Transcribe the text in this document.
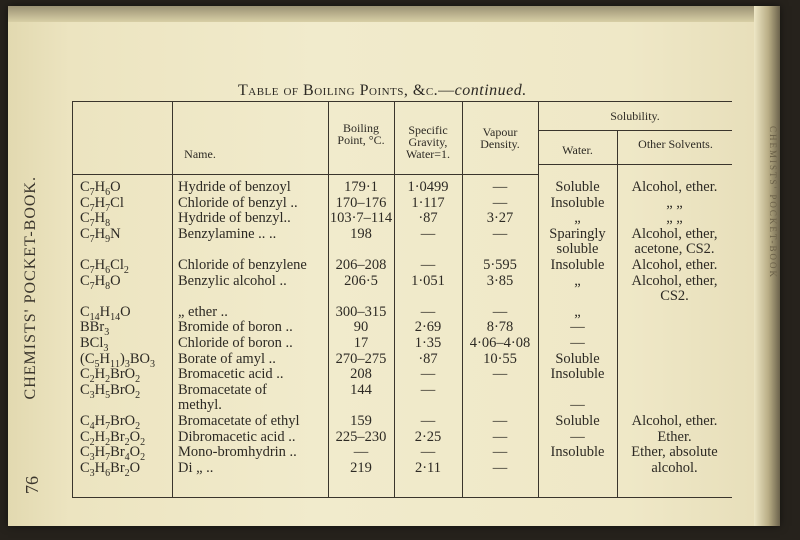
CHEMISTS' POCKET-BOOK
CHEMISTS' POCKET-BOOK.
76
Table of Boiling Points, &c.—continued.
Name.
Boiling Point, °C.
Specific Gravity, Water=1.
Vapour Density.
Solubility.
Water.	Other Solvents.
$C_7H_6O$
$C_7H_7Cl$
$C_7H_8$
$C_7H_9N$

$C_7H_6Cl_2$
$C_7H_8O$

$C_{14}H_{14}O$
BBr$_3$
BCl$_3$
$(C_5H_{11})_3BO_3$
$C_2H_2BrO_2$
$C_3H_5BrO_2$

$C_4H_7BrO_2$
$C_2H_2Br_2O_2$
$C_3H_7Br_4O_2$
$C_3H_6Br_2O$
Hydride of benzoyl
Chloride of benzyl ..
Hydride of benzyl..
Benzylamine .. ..

Chloride of benzylene
Benzylic alcohol ..

„ ether ..
Bromide of boron ..
Chloride of boron ..
Borate of amyl ..
Bromacetic acid ..
Bromacetate of
methyl.
Bromacetate of ethyl
Dibromacetic acid ..
Mono-bromhydrin ..
Di „ ..
179·1
170–176
103·7–114
198

206–208
206·5

300–315
90
17
270–275
208
144

159
225–230
—
219
1·0499
1·117
·87
—

—
1·051

—
2·69
1·35
·87
—
—

—
2·25
—
2·11
—
—
3·27
—

5·595
3·85

—
8·78
4·06–4·08
10·55
—

—
—
—
—
Soluble
Insoluble
„
Sparingly
soluble
Insoluble
„

„
—
—
Soluble
Insoluble

—
Soluble
—
Insoluble

Alcohol, ether.
„ „
„ „
Alcohol, ether,
acetone, CS2.
Alcohol, ether.
Alcohol, ether,
CS2.

Alcohol, ether.
Ether.
Ether, absolute
alcohol.
